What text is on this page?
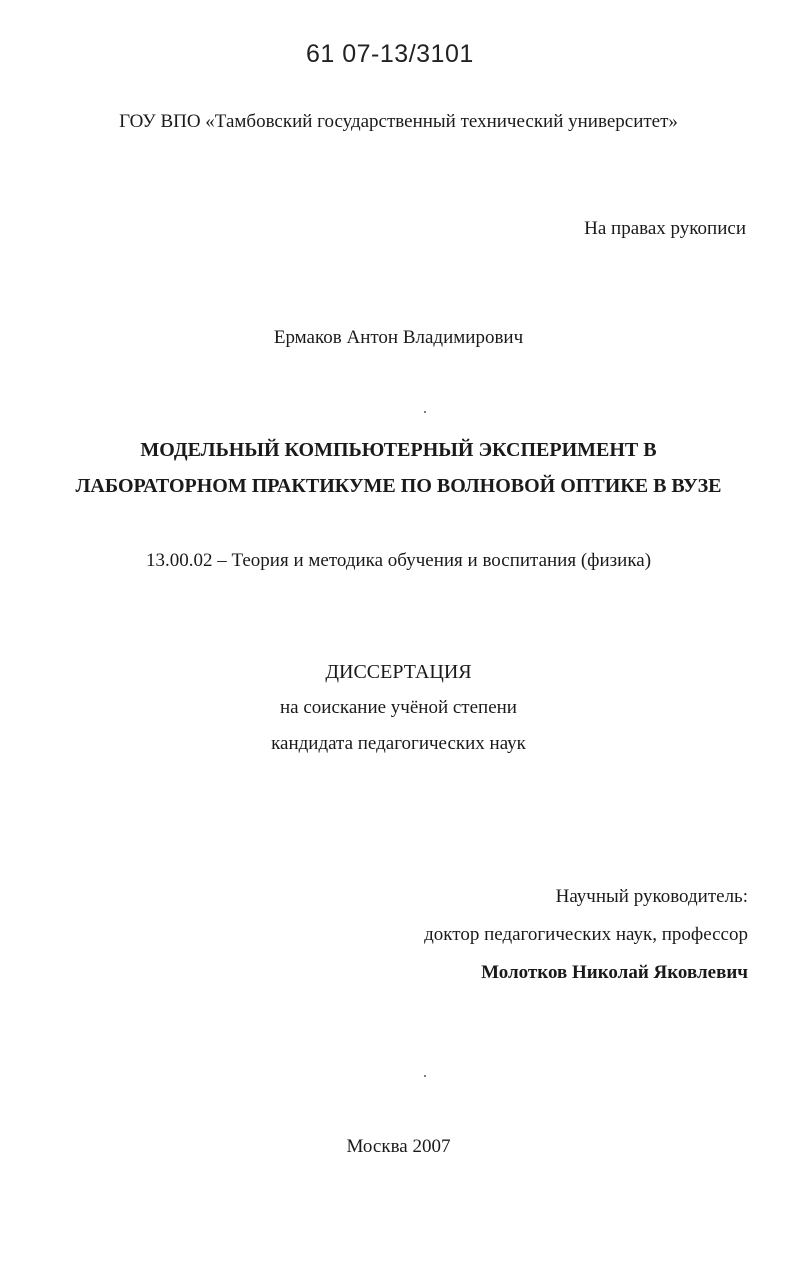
61 07-13/3101

ГОУ ВПО «Тамбовский государственный технический университет»

На правах рукописи

Ермаков Антон Владимирович

МОДЕЛЬНЫЙ КОМПЬЮТЕРНЫЙ ЭКСПЕРИМЕНТ В
ЛАБОРАТОРНОМ ПРАКТИКУМЕ ПО ВОЛНОВОЙ ОПТИКЕ В ВУЗЕ

13.00.02 – Теория и методика обучения и воспитания (физика)

ДИССЕРТАЦИЯ
на соискание учёной степени
кандидата педагогических наук
Научный руководитель:
доктор педагогических наук, профессор
Молотков Николай Яковлевич

Москва 2007
